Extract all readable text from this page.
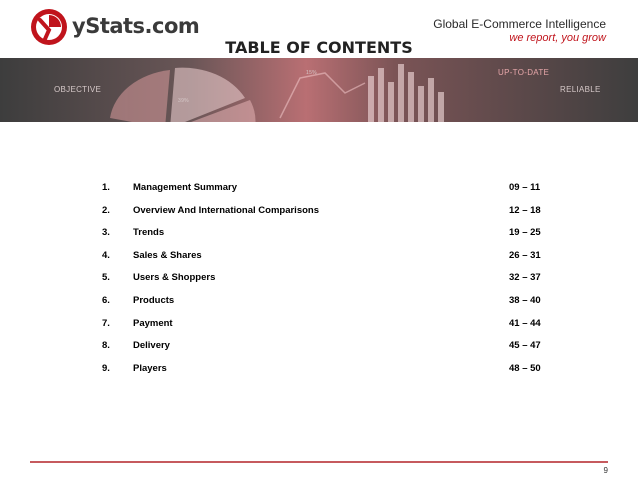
yStats.com	Global E-Commerce Intelligence
we report, you grow
TABLE OF CONTENTS
OBJECTIVE
UP-TO-DATE
RELIABLE
15%
39%
1. Management Summary	09 – 11
2. Overview And International Comparisons	12 – 18
3. Trends	19 – 25
4. Sales & Shares	26 – 31
5. Users & Shoppers	32 – 37
6. Products	38 – 40
7. Payment	41 – 44
8. Delivery	45 – 47
9. Players	48 – 50
9
